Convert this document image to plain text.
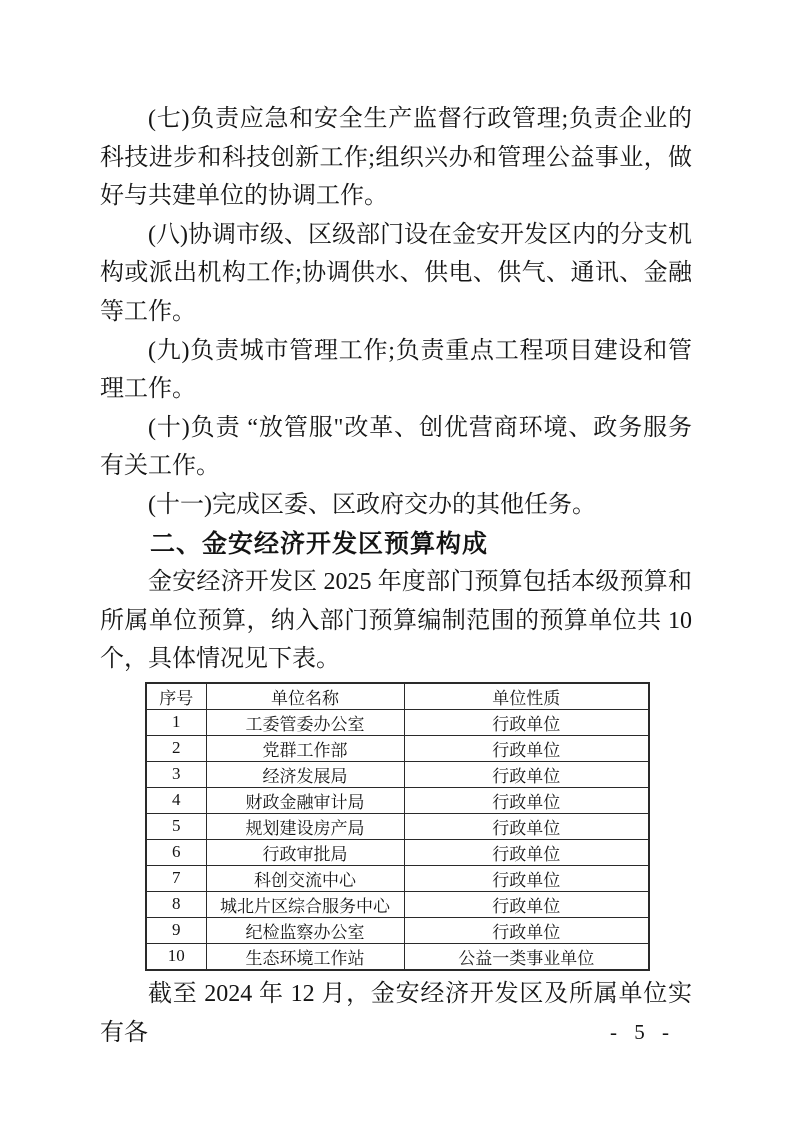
(七)负责应急和安全生产监督行政管理;负责企业的科技进步和科技创新工作;组织兴办和管理公益事业，做好与共建单位的协调工作。

(八)协调市级、区级部门设在金安开发区内的分支机构或派出机构工作;协调供水、供电、供气、通讯、金融等工作。

(九)负责城市管理工作;负责重点工程项目建设和管理工作。

(十)负责 “放管服"改革、创优营商环境、政务服务有关工作。

(十一)完成区委、区政府交办的其他任务。

二、金安经济开发区预算构成

金安经济开发区 2025 年度部门预算包括本级预算和所属单位预算，纳入部门预算编制范围的预算单位共 10 个，具体情况见下表。

序号	单位名称	单位性质
1	工委管委办公室	行政单位
2	党群工作部	行政单位
3	经济发展局	行政单位
4	财政金融审计局	行政单位
5	规划建设房产局	行政单位
6	行政审批局	行政单位
7	科创交流中心	行政单位
8	城北片区综合服务中心	行政单位
9	纪检监察办公室	行政单位
10	生态环境工作站	公益一类事业单位

截至 2024 年 12 月，金安经济开发区及所属单位实有各	- 5 -
